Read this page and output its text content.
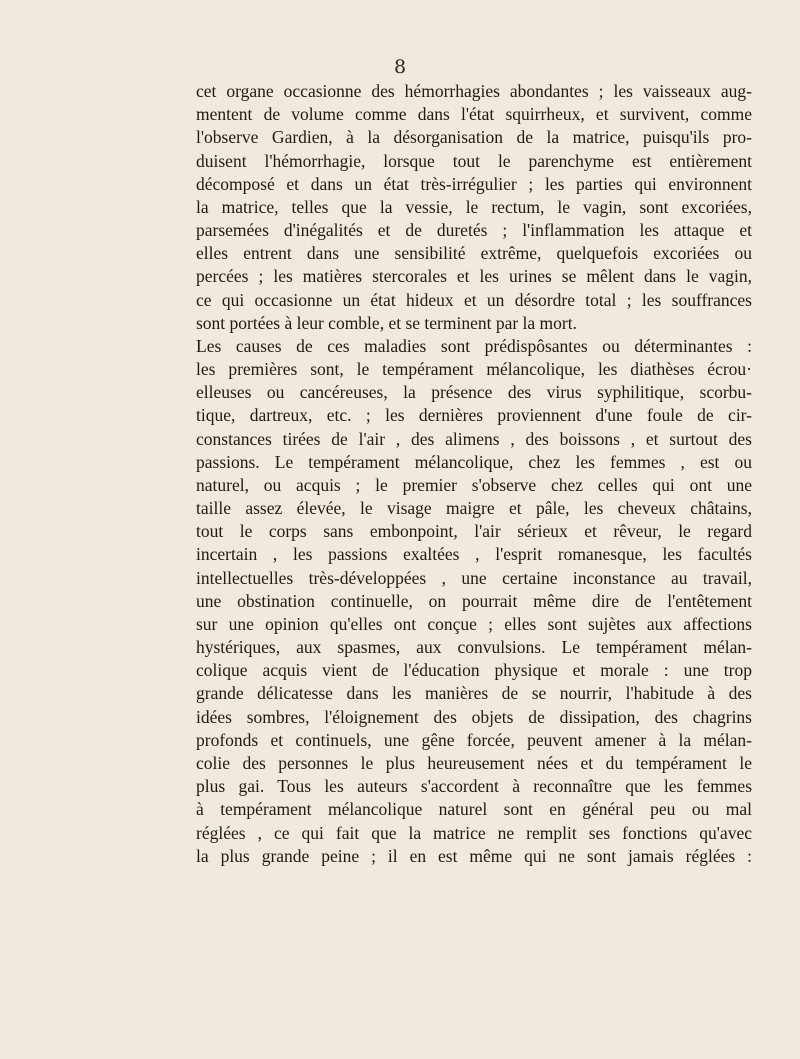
8
cet organe occasionne des hémorrhagies abondantes ; les vaisseaux aug-
mentent de volume comme dans l'état squirrheux, et survivent, comme
l'observe Gardien, à la désorganisation de la matrice, puisqu'ils pro-
duisent l'hémorrhagie, lorsque tout le parenchyme est entièrement
décomposé et dans un état très-irrégulier ; les parties qui environnent
la matrice, telles que la vessie, le rectum, le vagin, sont excoriées,
parsemées d'inégalités et de duretés ; l'inflammation les attaque et
elles entrent dans une sensibilité extrême, quelquefois excoriées ou
percées ; les matières stercorales et les urines se mêlent dans le vagin,
ce qui occasionne un état hideux et un désordre total ; les souffrances
sont portées à leur comble, et se terminent par la mort.
Les causes de ces maladies sont prédispôsantes ou déterminantes :
les premières sont, le tempérament mélancolique, les diathèses écrou·
elleuses ou cancéreuses, la présence des virus syphilitique, scorbu-
tique, dartreux, etc. ; les dernières proviennent d'une foule de cir-
constances tirées de l'air , des alimens , des boissons , et surtout des
passions. Le tempérament mélancolique, chez les femmes , est ou
naturel, ou acquis ; le premier s'observe chez celles qui ont une
taille assez élevée, le visage maigre et pâle, les cheveux châtains,
tout le corps sans embonpoint, l'air sérieux et rêveur, le regard
incertain , les passions exaltées , l'esprit romanesque, les facultés
intellectuelles très-développées , une certaine inconstance au travail,
une obstination continuelle, on pourrait même dire de l'entêtement
sur une opinion qu'elles ont conçue ; elles sont sujètes aux affections
hystériques, aux spasmes, aux convulsions. Le tempérament mélan-
colique acquis vient de l'éducation physique et morale : une trop
grande délicatesse dans les manières de se nourrir, l'habitude à des
idées sombres, l'éloignement des objets de dissipation, des chagrins
profonds et continuels, une gêne forcée, peuvent amener à la mélan-
colie des personnes le plus heureusement nées et du tempérament le
plus gai. Tous les auteurs s'accordent à reconnaître que les femmes
à tempérament mélancolique naturel sont en général peu ou mal
réglées , ce qui fait que la matrice ne remplit ses fonctions qu'avec
la plus grande peine ; il en est même qui ne sont jamais réglées :
